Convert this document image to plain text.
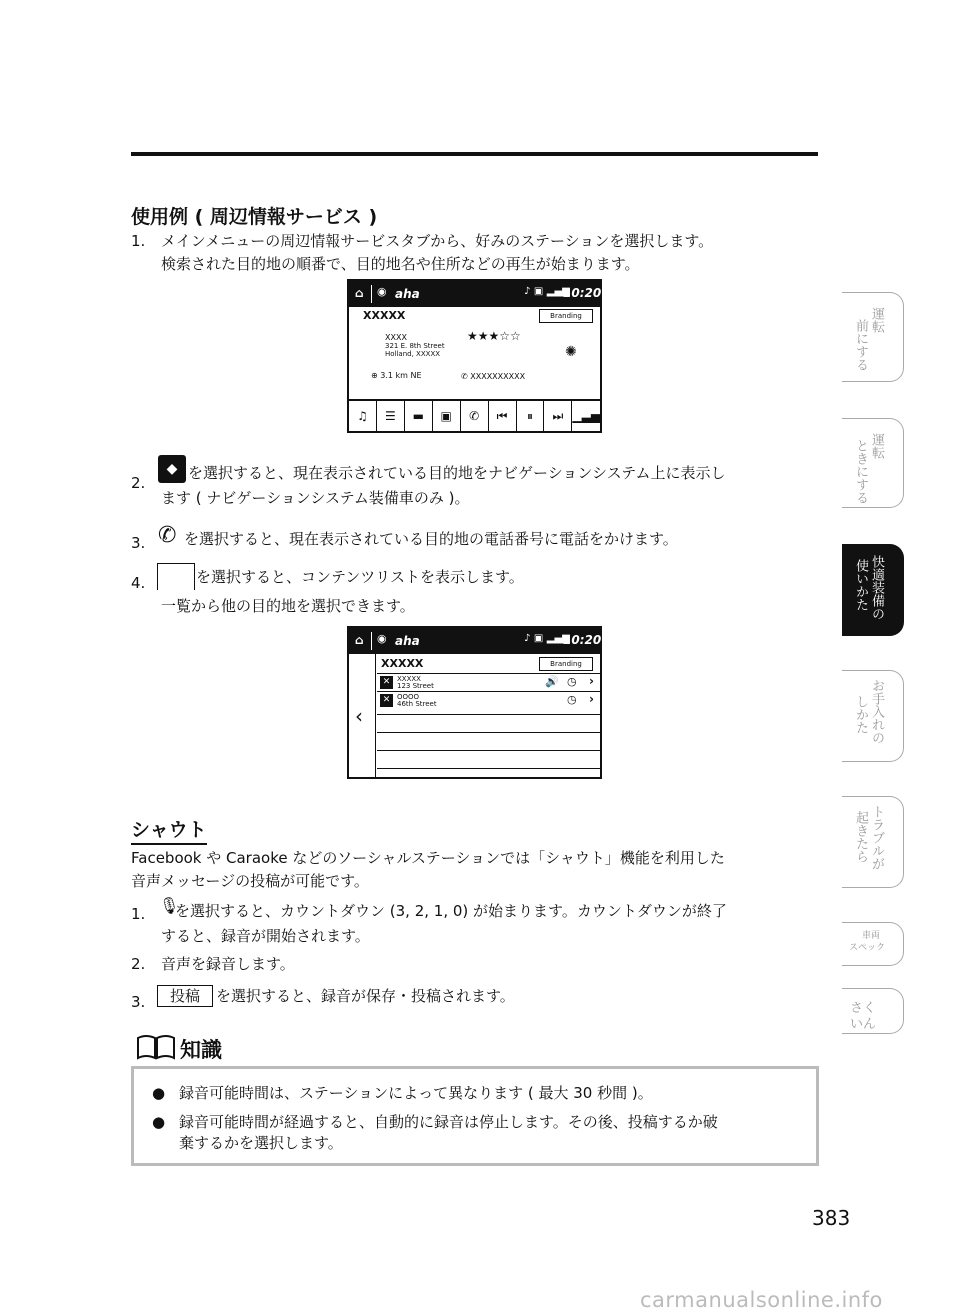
使用例 ( 周辺情報サービス )
1. メインメニューの周辺情報サービスタブから、好みのステーションを選択します。
検索された目的地の順番で、目的地名や住所などの再生が始まります。
⌂ ◉ aha	♪ ▣ ▂▄▆
10:20
XXXXX	Branding
XXXX
321 E. 8th Street
Holland, XXXXX
★★★☆☆
✺
⊕ 3.1 km NE	✆ XXXXXXXXXX
♫	☰	▬	▣	✆	⏮	⏸	⏭ ▁▃▅
2.
◆ を選択すると、現在表示されている目的地をナビゲーションシステム上に表示し
ます ( ナビゲーションシステム装備車のみ )。
3. ✆ を選択すると、現在表示されている目的地の電話番号に電話をかけます。
4.	を選択すると、コンテンツリストを表示します。
一覧から他の目的地を選択できます。
⌂ ◉ aha	♪ ▣ ▂▄▆
10:20
‹
XXXXX	Branding
✕ XXXXX
123 Street	🔊 ◷ ›
✕ OOOO
46th Street	◷ ›
シャウト
Facebook や Caraoke などのソーシャルステーションでは「シャウト」機能を利用した
音声メッセージの投稿が可能です。
1. 🎙
を選択すると、カウントダウン (3, 2, 1, 0) が始まります。カウントダウンが終了
すると、録音が開始されます。
2. 音声を録音します。
3.	投稿	を選択すると、録音が保存・投稿されます。
知識
● 録音可能時間は、ステーションによって異なります ( 最大 30 秒間 )。
● 録音可能時間が経過すると、自動的に録音は停止します。その後、投稿するか破
棄するかを選択します。
383
運転
前にする
運転
ときにする
快適装備の
使いかた
お手入れの
しかた
トラブルが
起きたら
車両
スペック
さく
いん
carmanualsonline.info
